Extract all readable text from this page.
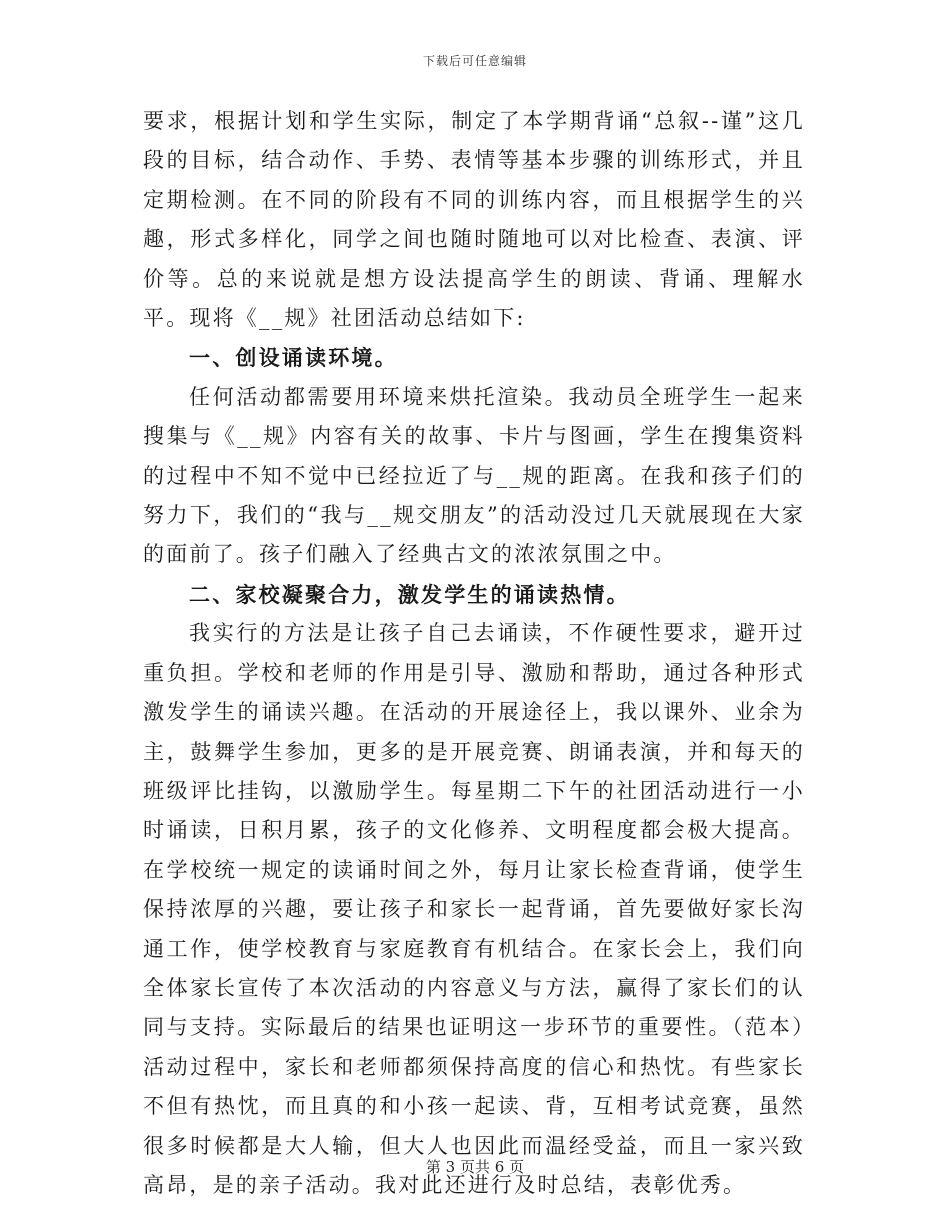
下载后可任意编辑

要求，根据计划和学生实际，制定了本学期背诵“总叙--谨”这几段的目标，结合动作、手势、表情等基本步骤的训练形式，并且定期检测。在不同的阶段有不同的训练内容，而且根据学生的兴趣，形式多样化，同学之间也随时随地可以对比检查、表演、评价等。总的来说就是想方设法提高学生的朗读、背诵、理解水平。现将《__规》社团活动总结如下:

一、创设诵读环境。

任何活动都需要用环境来烘托渲染。我动员全班学生一起来搜集与《__规》内容有关的故事、卡片与图画，学生在搜集资料的过程中不知不觉中已经拉近了与__规的距离。在我和孩子们的努力下，我们的“我与__规交朋友”的活动没过几天就展现在大家的面前了。孩子们融入了经典古文的浓浓氛围之中。

二、家校凝聚合力，激发学生的诵读热情。

我实行的方法是让孩子自己去诵读，不作硬性要求，避开过重负担。学校和老师的作用是引导、激励和帮助，通过各种形式激发学生的诵读兴趣。在活动的开展途径上，我以课外、业余为主，鼓舞学生参加，更多的是开展竞赛、朗诵表演，并和每天的班级评比挂钩，以激励学生。每星期二下午的社团活动进行一小时诵读，日积月累，孩子的文化修养、文明程度都会极大提高。在学校统一规定的读诵时间之外，每月让家长检查背诵，使学生保持浓厚的兴趣，要让孩子和家长一起背诵，首先要做好家长沟通工作，使学校教育与家庭教育有机结合。在家长会上，我们向全体家长宣传了本次活动的内容意义与方法，赢得了家长们的认同与支持。实际最后的结果也证明这一步环节的重要性。（范本）活动过程中，家长和老师都须保持高度的信心和热忱。有些家长不但有热忱，而且真的和小孩一起读、背，互相考试竞赛，虽然很多时候都是大人输，但大人也因此而温经受益，而且一家兴致高昂，是的亲子活动。我对此还进行及时总结，表彰优秀。

第 3 页共 6 页
